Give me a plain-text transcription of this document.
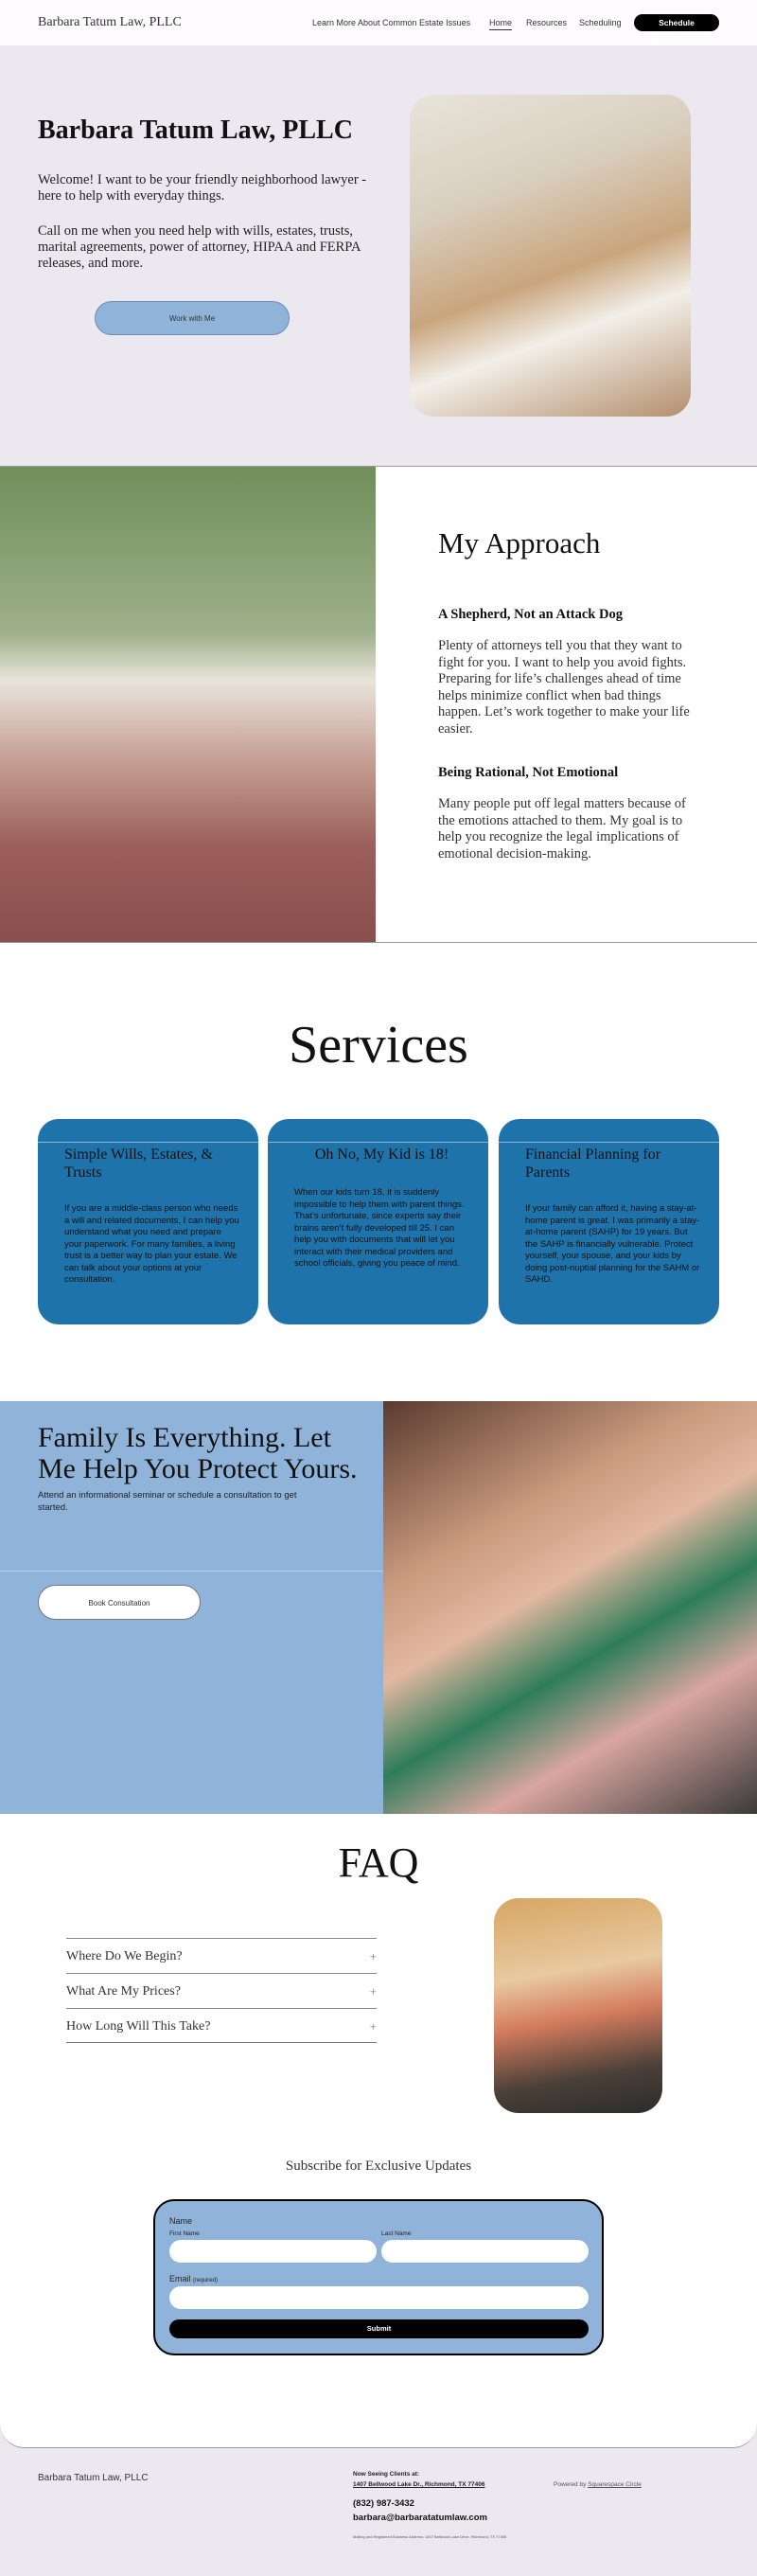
Barbara Tatum Law, PLLC	Learn More About Common Estate Issues Home Resources Scheduling	Schedule Consultation
Barbara Tatum Law, PLLC

Welcome! I want to be your friendly neighborhood lawyer - here to help with everyday things.

Call on me when you need help with wills, estates, trusts, marital agreements, power of attorney, HIPAA and FERPA releases, and more.

Work with Me
My Approach
A Shepherd, Not an Attack Dog

Plenty of attorneys tell you that they want to fight for you. I want to help you avoid fights. Preparing for life’s challenges ahead of time helps minimize conflict when bad things happen. Let’s work together to make your life easier.

Being Rational, Not Emotional

Many people put off legal matters because of the emotions attached to them. My goal is to help you recognize the legal implications of emotional decision-making.

Services
Simple Wills, Estates, & Trusts

If you are a middle-class person who needs a will and related documents, I can help you understand what you need and prepare your paperwork. For many families, a living trust is a better way to plan your estate. We can talk about your options at your consultation.

Oh No, My Kid is 18!

When our kids turn 18, it is suddenly impossible to help them with parent things. That’s unfortunate, since experts say their brains aren’t fully developed till 25. I can help you with documents that will let you interact with their medical providers and school officials, giving you peace of mind.

Financial Planning for Parents

If your family can afford it, having a stay-at-home parent is great. I was primarily a stay-at-home parent (SAHP) for 19 years. But the SAHP is financially vulnerable. Protect yourself, your spouse, and your kids by doing post-nuptial planning for the SAHM or SAHD.

Family Is Everything. Let Me Help You Protect Yours.

Attend an informational seminar or schedule a consultation to get started.

Book Consultation
FAQ
Where Do We Begin?	+
What Are My Prices?	+
How Long Will This Take?	+
Subscribe for Exclusive Updates
Name
First Name	Last Name
Email (required)
Submit
Barbara Tatum Law, PLLC	Now Seeing Clients at:
1407 Bellwood Lake Dr., Richmond, TX 77406
(832) 987-3432
barbara@barbaratatumlaw.com
Mailing and Registered Business Address: 1407 Bellwood Lake Drive, Richmond, TX 77406
Powered by Squarespace Circle
